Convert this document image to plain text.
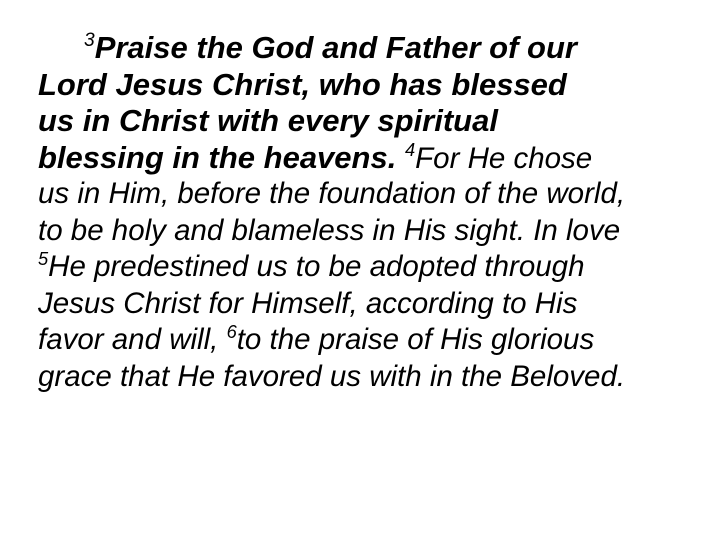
$^3$Praise the God and Father of our
Lord Jesus Christ, who has blessed
us in Christ with every spiritual
blessing in the heavens. $^4$For He chose
us in Him, before the foundation of the world,
to be holy and blameless in His sight. In love
$^5$He predestined us to be adopted through
Jesus Christ for Himself, according to His
favor and will, $^6$to the praise of His glorious
grace that He favored us with in the Beloved.
